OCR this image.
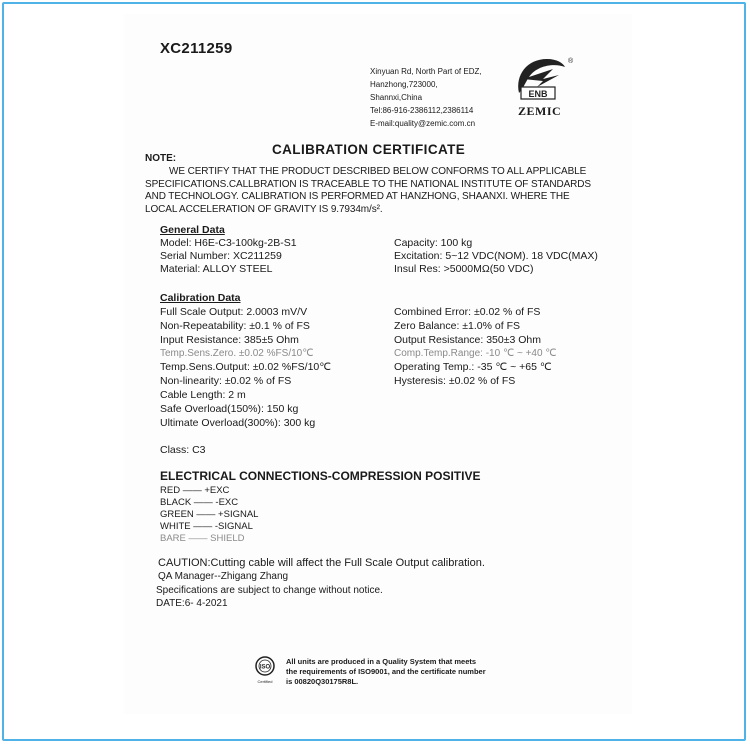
XC211259
Xinyuan Rd, North Part of EDZ,
Hanzhong,723000,
Shannxi,China
Tel:86-916-2386112,2386114
E-mail:quality@zemic.com.cn
ENB
®
ZEMIC
CALIBRATION CERTIFICATE
NOTE:
WE CERTIFY THAT THE PRODUCT DESCRIBED BELOW CONFORMS TO ALL APPLICABLE
SPECIFICATIONS.CALLBRATION IS TRACEABLE TO THE NATIONAL INSTITUTE OF STANDARDS
AND TECHNOLOGY. CALIBRATION IS PERFORMED AT HANZHONG, SHAANXI. WHERE THE
LOCAL ACCELERATION OF GRAVITY IS 9.7934m/s².
General Data
Model: H6E-C3-100kg-2B-S1
Serial Number: XC211259
Material: ALLOY STEEL
Capacity: 100 kg
Excitation: 5~12 VDC(NOM). 18 VDC(MAX)
Insul Res: >5000MΩ(50 VDC)
Calibration Data
Full Scale Output: 2.0003 mV/V
Non-Repeatability: ±0.1 % of FS
Input Resistance: 385±5 Ohm
Temp.Sens.Zero. ±0.02 %FS/10℃
Temp.Sens.Output: ±0.02 %FS/10℃
Non-linearity: ±0.02 % of FS
Cable Length: 2 m
Safe Overload(150%): 150 kg
Ultimate Overload(300%): 300 kg
Combined Error: ±0.02 % of FS
Zero Balance: ±1.0% of FS
Output Resistance: 350±3 Ohm
Comp.Temp.Range: -10 ℃ ~ +40 ℃
Operating Temp.: -35 ℃ ~ +65 ℃
Hysteresis: ±0.02 % of FS
Class: C3
ELECTRICAL CONNECTIONS-COMPRESSION POSITIVE
RED —— +EXC
BLACK —— -EXC
GREEN —— +SIGNAL
WHITE —— -SIGNAL
BARE —— SHIELD
CAUTION:Cutting cable will affect the Full Scale Output calibration.
QA Manager--Zhigang Zhang
Specifications are subject to change without notice.
DATE:6- 4-2021
ISO
Certified
All units are produced in a Quality System that meets
the requirements of ISO9001, and the certificate number
is 00820Q30175R8L.
